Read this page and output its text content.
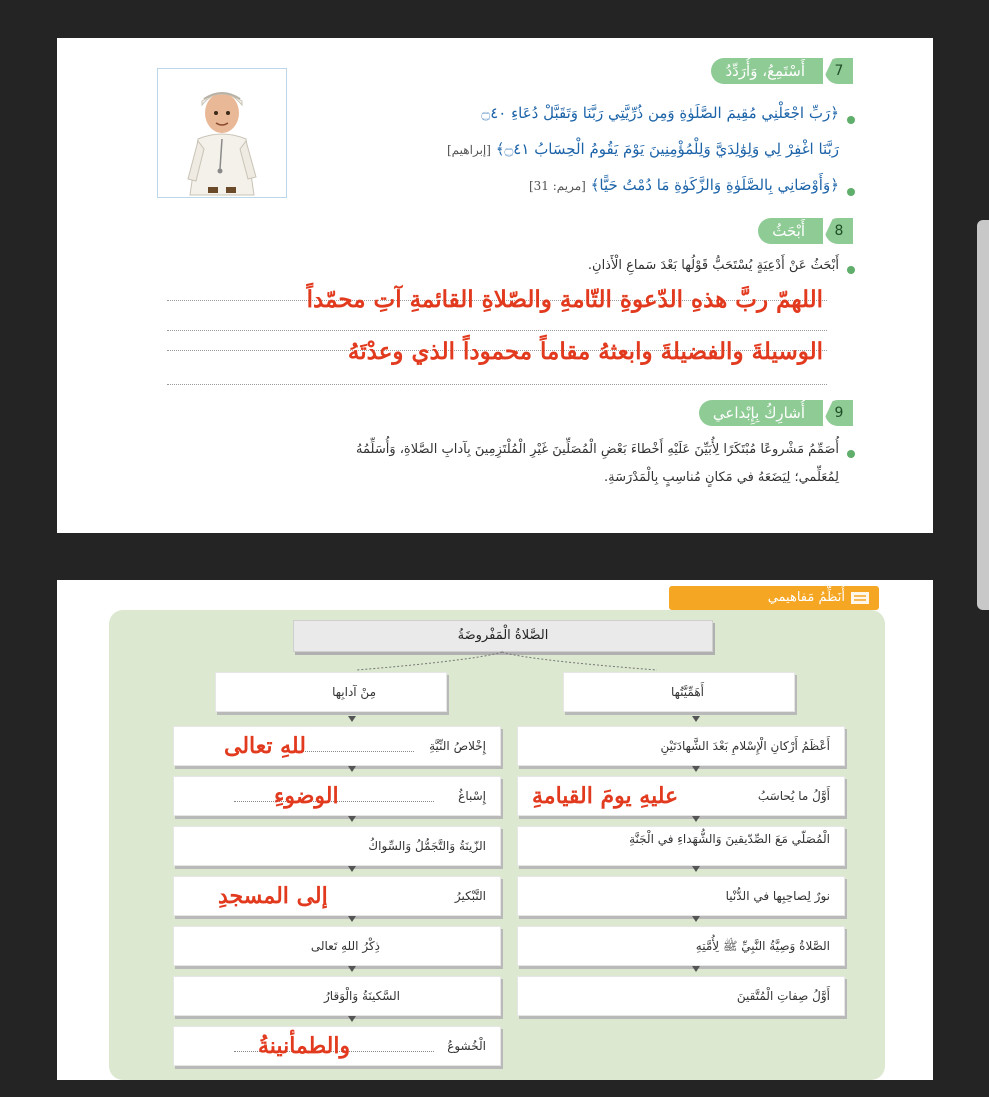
7
أَسْتَمِعُ، وَأُرَدِّدُ
﴿رَبِّ اجْعَلْنِي مُقِيمَ الصَّلَوٰةِ وَمِن ذُرِّيَّتِي رَبَّنَا وَتَقَبَّلْ دُعَاءِ ۝٤٠
رَبَّنَا اغْفِرْ لِي وَلِوَٰلِدَيَّ وَلِلْمُؤْمِنِينَ يَوْمَ يَقُومُ الْحِسَابُ ۝٤١﴾ [إبراهيم]
﴿وَأَوْصَانِي بِالصَّلَوٰةِ وَالزَّكَوٰةِ مَا دُمْتُ حَيًّا﴾ [مريم: 31]
8
أَبْحَثُ
أَبْحَثُ عَنْ أَدْعِيَةٍ يُسْتَحَبُّ قَوْلُها بَعْدَ سَماعِ الْأَذانِ.
اللهمّ ربَّ هذهِ الدّعوةِ التّامةِ والصّلاةِ القائمةِ آتِ محمّداً
الوسيلةَ والفضيلةَ وابعثهُ مقاماً محموداً الذي وعدْتَهُ
9
أُشارِكُ بِإِبْداعي
أُصَمِّمُ مَشْروعًا مُبْتَكَرًا لِأُبَيِّنَ عَلَيْهِ أَخْطاءَ بَعْضِ الْمُصَلِّينَ غَيْرِ الْمُلْتَزِمِينَ بِآدابِ الصَّلاةِ، وَأُسَلِّمُهُ
لِمُعَلِّمي؛ لِيَضَعَهُ في مَكانٍ مُناسِبٍ بِالْمَدْرَسَةِ.
أُنَظِّمُ مَفاهيمي
الصَّلاةُ الْمَفْروضَةُ
أَهَمِّيَّتُها
أَعْظَمُ أَرْكانِ الْإِسْلامِ بَعْدَ الشَّهادَتَيْنِ
أَوَّلُ ما يُحاسَبُ
عليهِ يومَ القيامةِ
الْمُصَلّي مَعَ الصِّدّيقينَ وَالشُّهَداءِ في الْجَنَّةِ
نورٌ لِصاحِبِها في الدُّنْيا
الصَّلاةُ وَصِيَّةُ النَّبِيِّ ﷺ لِأُمَّتِهِ
أَوَّلُ صِفاتِ الْمُتَّقينَ
مِنْ آدابِها
إِخْلاصُ النِّيَّةِ
للهِ تعالى
إِسْباغُ
الوضوءِ
الزّينَةُ وَالتَّجَمُّلُ وَالسِّواكُ
التَّبْكيرُ
إلى المسجدِ
ذِكْرُ اللهِ تَعالى
السَّكينَةُ وَالْوَقارُ
الْخُشوعُ
والطمأنينةُ
